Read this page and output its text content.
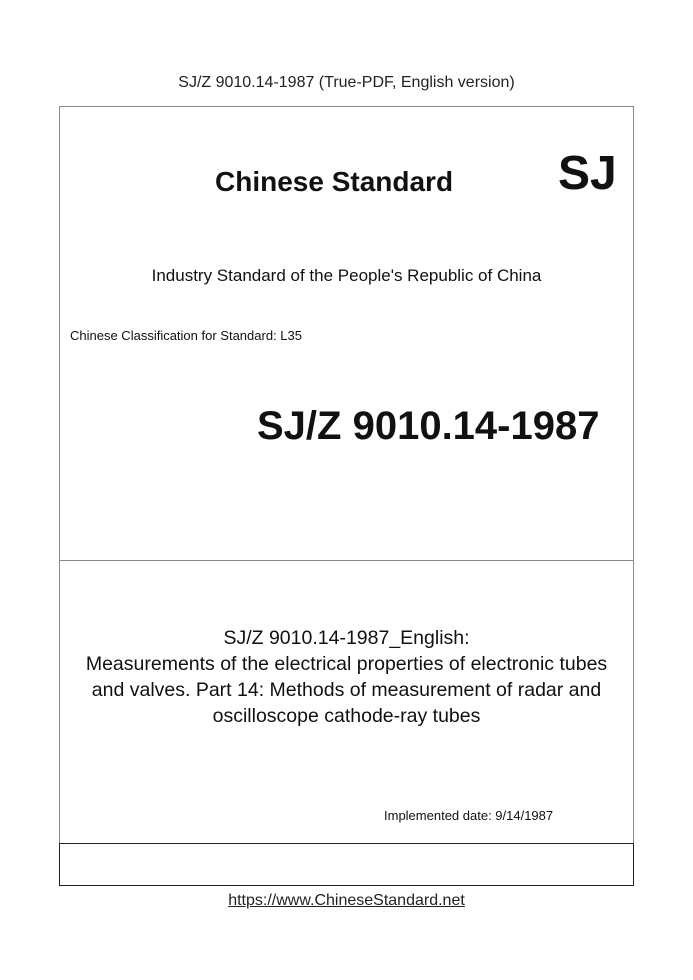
SJ/Z 9010.14-1987 (True-PDF, English version)
Chinese Standard SJ
Industry Standard of the People's Republic of China
Chinese Classification for Standard: L35
SJ/Z 9010.14-1987
SJ/Z 9010.14-1987_English:
Measurements of the electrical properties of electronic tubes
and valves. Part 14: Methods of measurement of radar and
oscilloscope cathode-ray tubes
Implemented date: 9/14/1987
https://www.ChineseStandard.net
